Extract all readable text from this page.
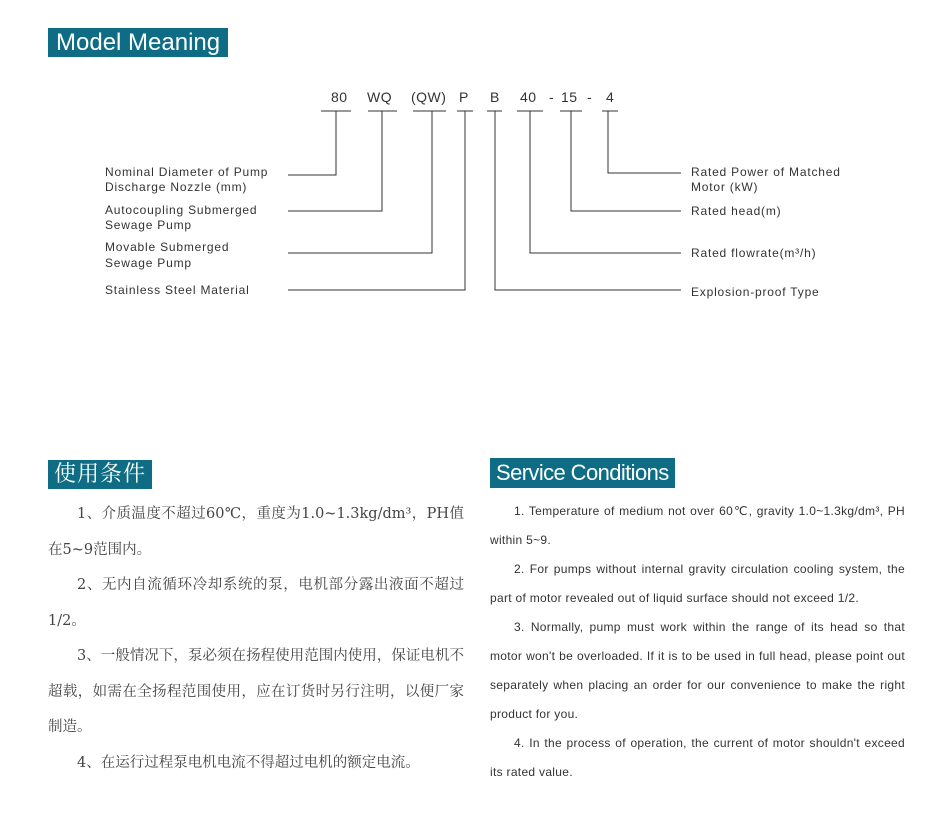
Model Meaning
80 WQ (QW) P B 40 - 15 - 4
Nominal Diameter of Pump
Discharge Nozzle (mm)
Autocoupling Submerged
Sewage Pump
Movable Submerged
Sewage Pump
Stainless Steel Material
Rated Power of Matched
Motor (kW)
Rated head(m)
Rated flowrate(m³/h)
Explosion-proof Type
使用条件	Service Conditions

1、介质温度不超过60℃，重度为1.0~1.3kg/dm³，PH值在5~9范围内。

2、无内自流循环冷却系统的泵，电机部分露出液面不超过1/2。

3、一般情况下，泵必须在扬程使用范围内使用，保证电机不超载，如需在全扬程范围使用，应在订货时另行注明，以便厂家制造。

4、在运行过程泵电机电流不得超过电机的额定电流。

1. Temperature of medium not over 60℃, gravity 1.0~1.3kg/dm³, PH within 5~9.

2. For pumps without internal gravity circulation cooling system, the part of motor revealed out of liquid surface should not exceed 1/2.

3. Normally, pump must work within the range of its head so that motor won't be overloaded. If it is to be used in full head, please point out separately when placing an order for our convenience to make the right product for you.

4. In the process of operation, the current of motor shouldn't exceed its rated value.
